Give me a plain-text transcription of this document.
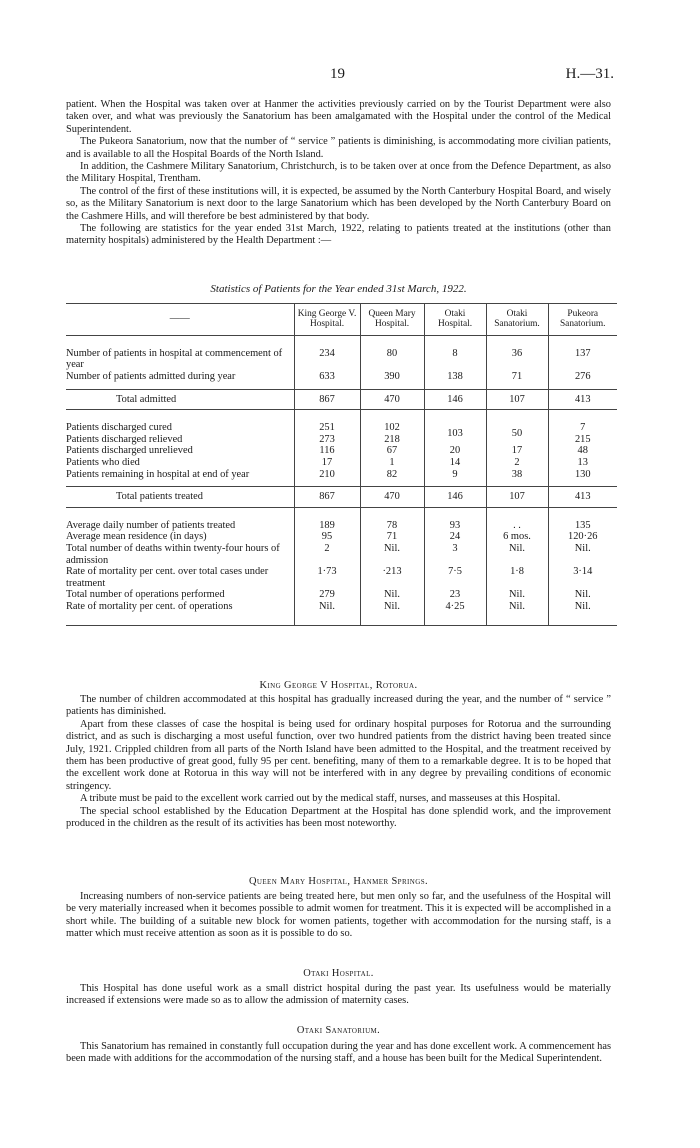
19	H.—31.

patient. When the Hospital was taken over at Hanmer the activities previously carried on by the Tourist Department were also taken over, and what was previously the Sanatorium has been amalgamated with the Hospital under the control of the Medical Superintendent.

The Pukeora Sanatorium, now that the number of “ service ” patients is diminishing, is accommodating more civilian patients, and is available to all the Hospital Boards of the North Island.

In addition, the Cashmere Military Sanatorium, Christchurch, is to be taken over at once from the Defence Department, as also the Military Hospital, Trentham.

The control of the first of these institutions will, it is expected, be assumed by the North Canterbury Hospital Board, and wisely so, as the Military Sanatorium is next door to the large Sanatorium which has been developed by the North Canterbury Board on the Cashmere Hills, and will therefore be best administered by that body.

The following are statistics for the year ended 31st March, 1922, relating to patients treated at the institutions (other than maternity hospitals) administered by the Health Department :—

Statistics of Patients for the Year ended 31st March, 1922.
——	King George V. Hospital.	Queen Mary Hospital.	Otaki Hospital.	Otaki Sanatorium.	Pukeora Sanatorium.

Number of patients in hospital at commencement of year	234	80	8	36	137
Number of patients admitted during year	633	390	138	71	276
Total admitted	867	470	146	107	413

Patients discharged cured	251	102	103	50	7
Patients discharged relieved	273	218			215
Patients discharged unrelieved	116	67	20	17	48
Patients who died	17	1	14	2	13
Patients remaining in hospital at end of year	210	82	9	38	130
Total patients treated	867	470	146	107	413

Average daily number of patients treated	189	78	93	. .	135
Average mean residence (in days)	95	71	24	6 mos.	120·26
Total number of deaths within twenty-four hours of admission	2	Nil.	3	Nil.	Nil.
Rate of mortality per cent. over total cases under treatment	1·73	·213	7·5	1·8	3·14
Total number of operations performed	279	Nil.	23	Nil.	Nil.
Rate of mortality per cent. of operations	Nil.	Nil.	4·25	Nil.	Nil.

King George V Hospital, Rotorua.

The number of children accommodated at this hospital has gradually increased during the year, and the number of “ service ” patients has diminished.

Apart from these classes of case the hospital is being used for ordinary hospital purposes for Rotorua and the surrounding district, and as such is discharging a most useful function, over two hundred patients from the district having been treated since July, 1921. Crippled children from all parts of the North Island have been admitted to the Hospital, and the treatment received by them has been productive of great good, fully 95 per cent. benefiting, many of them to a remarkable degree. It is to be hoped that the excellent work done at Rotorua in this way will not be interfered with in any degree by prevailing conditions of economic stringency.

A tribute must be paid to the excellent work carried out by the medical staff, nurses, and masseuses at this Hospital.

The special school established by the Education Department at the Hospital has done splendid work, and the improvement produced in the children as the result of its activities has been most noteworthy.

Queen Mary Hospital, Hanmer Springs.

Increasing numbers of non-service patients are being treated here, but men only so far, and the usefulness of the Hospital will be very materially increased when it becomes possible to admit women for treatment. This it is expected will be accomplished in a short while. The building of a suitable new block for women patients, together with accommodation for the nursing staff, is a matter which must receive attention as soon as it is possible to do so.

Otaki Hospital.

This Hospital has done useful work as a small district hospital during the past year. Its usefulness would be materially increased if extensions were made so as to allow the admission of maternity cases.

Otaki Sanatorium.

This Sanatorium has remained in constantly full occupation during the year and has done excellent work. A commencement has been made with additions for the accommodation of the nursing staff, and a house has been built for the Medical Superintendent.
